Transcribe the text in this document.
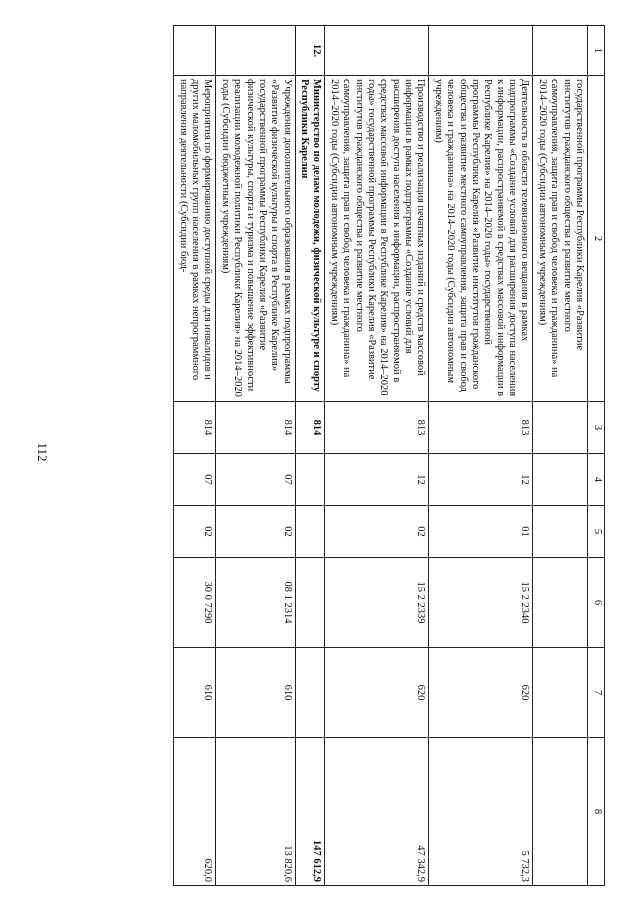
112
1	2	3	4	5	6	7	8
	государственной программы Республики Карелия «Развитие институтов гражданского общества и развитие местного самоуправления, защита прав и свобод человека и гражданина» на 2014–2020 годы (Субсидии автономным учреждениям)						
	Деятельность в области телевизионного вещания в рамках подпрограммы «Создание условий для расширения доступа населения к информации, распространяемой в средствах массовой информации в Республике Карелия» на 2014–2020 годы» государственной программы Республики Карелия «Развитие институтов гражданского общества и развитие местного самоуправления, защита прав и свобод человека и гражданина» на 2014–2020 годы (Субсидии автономным учреждениям)	813	12	01	15 2 2340	620	5 732,3
	Производство и реализация печатных изданий и средств массовой информации в рамках подпрограммы «Создание условий для расширения доступа населения к информации, распространяемой в средствах массовой информации в Республике Карелия» на 2014–2020 годы» государственной программы Республики Карелия «Развитие институтов гражданского общества и развитие местного самоуправления, защита прав и свобод человека и гражданина» на 2014–2020 годы (Субсидии автономным учреждениям)	813	12	02	15 2 2339	620	47 342,9
12.	Министерство по делам молодежи, физической культуре и спорту Республики Карелия	814					147 612,9
	Учреждения дополнительного образования в рамках подпрограммы «Развитие физической культуры и спорта в Республике Карелия» государственной программы Республики Карелия «Развитие физической культуры, спорта и туризма и повышение эффективности реализации молодежной политики Республики Карелия» на 2014–2020 годы (Субсидии бюджетным учреждениям)	814	07	02	08 1 2314	610	13 820,6
	Мероприятия по формированию доступной среды для инвалидов и других маломобильных групп населения в рамках непрограммного направления деятельности (Субсидии бюд-	814	07	02	30 0 7290	610	620,0
